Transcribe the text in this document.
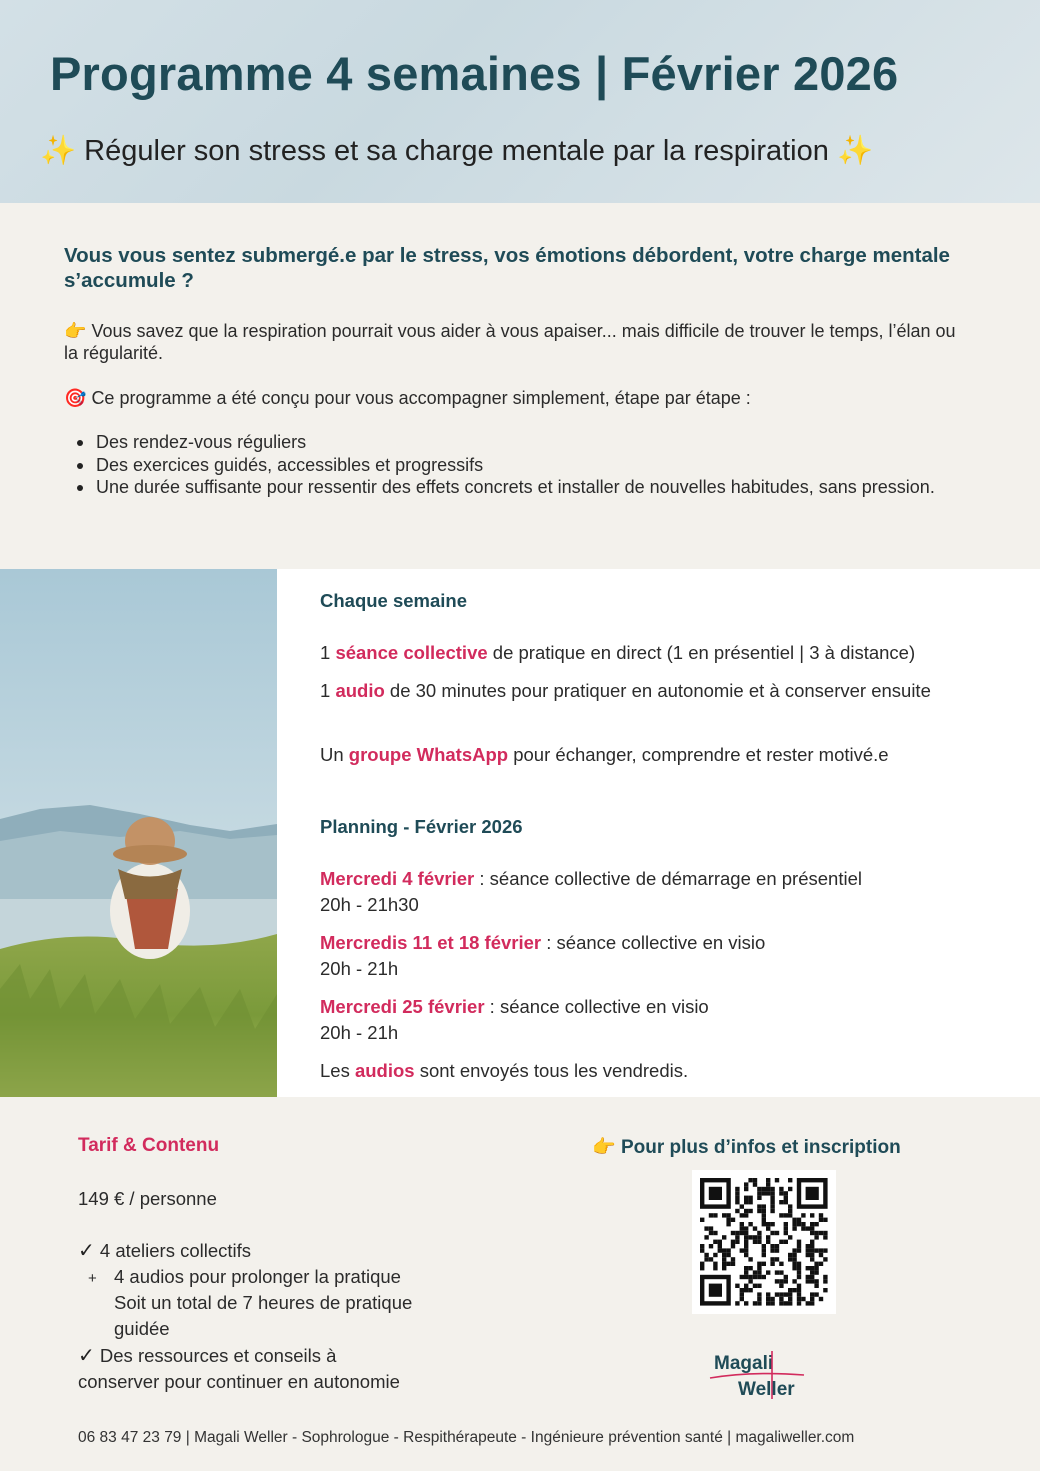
Programme 4 semaines | Février 2026
✨ Réguler son stress et sa charge mentale par la respiration ✨
Vous vous sentez submergé.e par le stress, vos émotions débordent, votre charge mentale s’accumule ?
👉 Vous savez que la respiration pourrait vous aider à vous apaiser... mais difficile de trouver le temps, l’élan ou la régularité.
🎯 Ce programme a été conçu pour vous accompagner simplement, étape par étape :
Des rendez-vous réguliers
Des exercices guidés, accessibles et progressifs
Une durée suffisante pour ressentir des effets concrets et installer de nouvelles habitudes, sans pression.
Chaque semaine
1 séance collective de pratique en direct (1 en présentiel | 3 à distance)
1 audio de 30 minutes pour pratiquer en autonomie et à conserver ensuite
Un groupe WhatsApp pour échanger, comprendre et rester motivé.e
Planning - Février 2026
Mercredi 4 février : séance collective de démarrage en présentiel
20h - 21h30
Mercredis 11 et 18 février : séance collective en visio
20h - 21h
Mercredi 25 février : séance collective en visio
20h - 21h
Les audios sont envoyés tous les vendredis.
Tarif & Contenu
149 € / personne
✓ 4 ateliers collectifs
+ 4 audios pour prolonger la pratique
Soit un total de 7 heures de pratique
guidée
✓ Des ressources et conseils à
conserver pour continuer en autonomie
👉 Pour plus d’infos et inscription
Magali
Weller
06 83 47 23 79 | Magali Weller - Sophrologue - Respithérapeute - Ingénieure prévention santé | magaliweller.com
